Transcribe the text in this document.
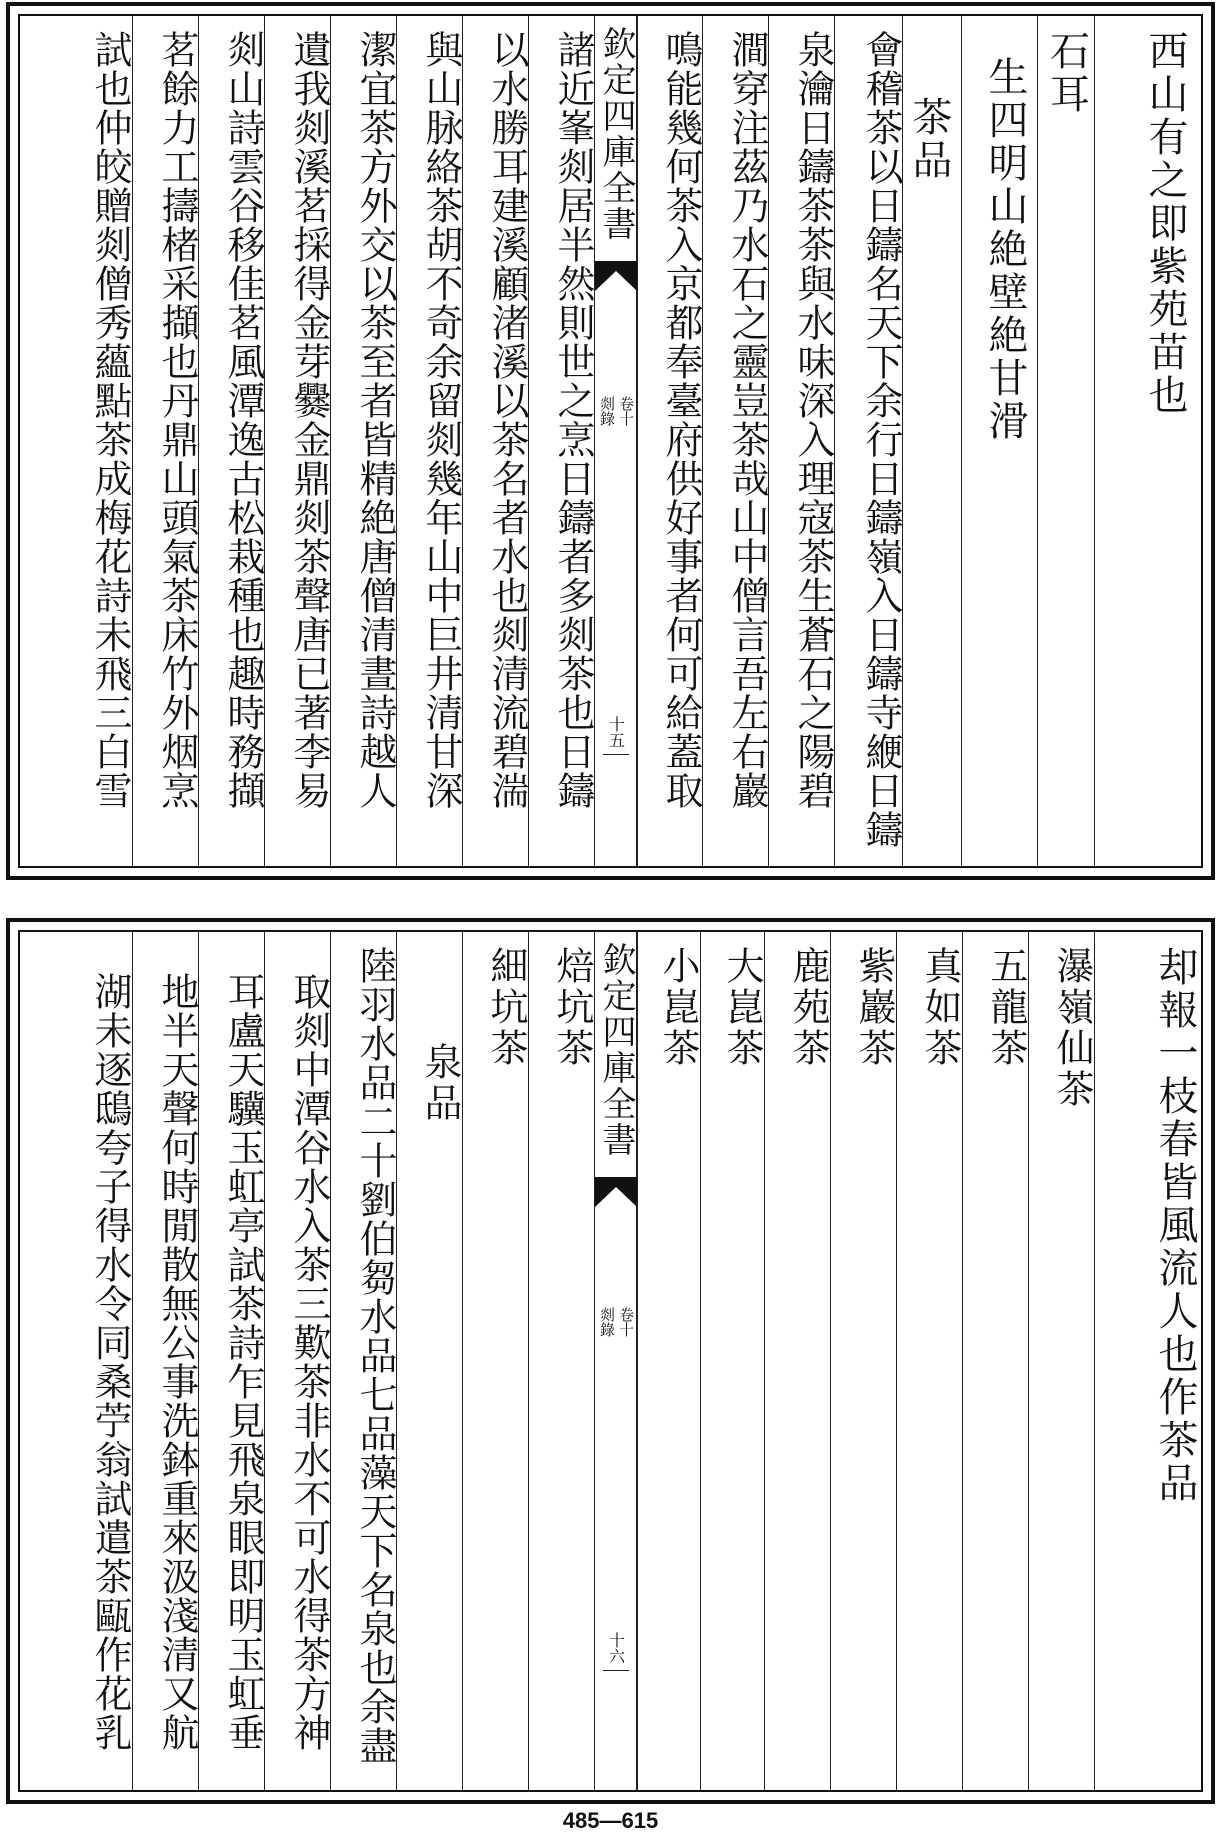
西山有之即紫苑苗也
石耳
生四明山絶壁絶甘滑
茶品
會稽茶以日鑄名天下余行日鑄嶺入日鑄寺緶日鑄
泉瀹日鑄茶茶與水味深入理寇茶生蒼石之陽碧
澗穿注茲乃水石之靈豈茶哉山中僧言吾左右巖
鳴能幾何茶入京都奉臺府供好事者何可給蓋取
欽定四庫全書
剡錄 卷十
十五
諸近峯剡居半然則世之烹日鑄者多剡茶也日鑄
以水勝耳建溪顧渚溪以茶名者水也剡清流碧湍
與山脉絡茶胡不奇余留剡幾年山中巨井清甘深
潔宜茶方外交以茶至者皆精絶唐僧清晝詩越人
遺我剡溪茗採得金芽爨金鼎剡茶聲唐已著李易
剡山詩雲谷移佳茗風潭逸古松栽種也趣時務擷
茗餘力工擣楮采擷也丹鼎山頭氣茶床竹外烟烹
試也仲皎贈剡僧秀蘊點茶成梅花詩未飛三白雪
却報一枝春皆風流人也作茶品
瀑嶺仙茶
五龍茶
真如茶
紫巖茶
鹿苑茶
大崑茶
小崑茶
欽定四庫全書
剡錄 卷十
十六
焙坑茶
細坑茶
泉品
陸羽水品二十劉伯芻水品七品藻天下名泉也余盡
取剡中潭谷水入茶三歎茶非水不可水得茶方神
耳盧天驥玉虹亭試茶詩乍見飛泉眼即明玉虹垂
地半天聲何時閒散無公事洗鉢重來汲淺清又航
湖未逐鴟夸子得水令同桑苧翁試遣茶甌作花乳
485—615
